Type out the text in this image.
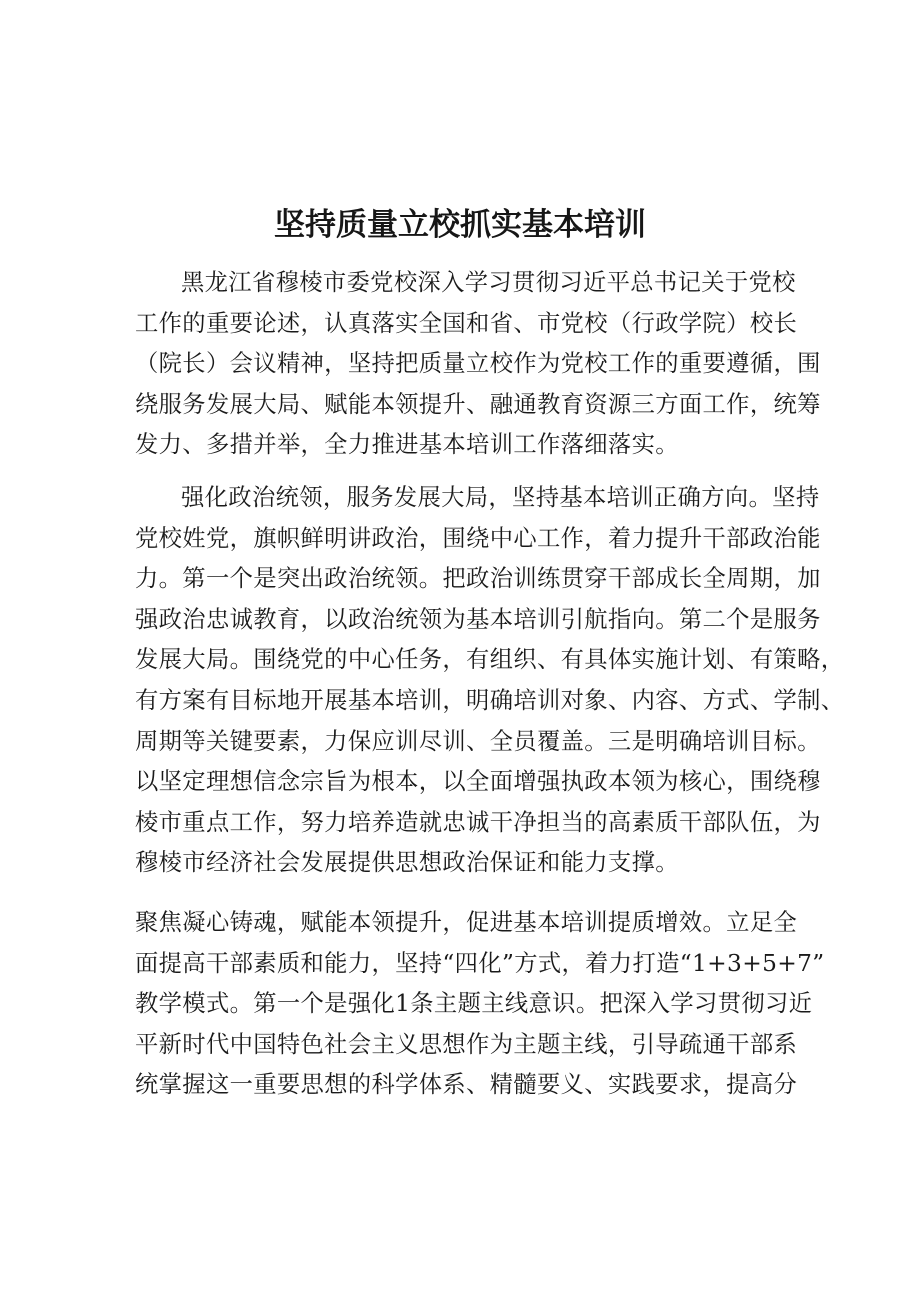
坚持质量立校抓实基本培训
黑龙江省穆棱市委党校深入学习贯彻习近平总书记关于党校
工作的重要论述，认真落实全国和省、市党校（行政学院）校长
（院长）会议精神，坚持把质量立校作为党校工作的重要遵循，围
绕服务发展大局、赋能本领提升、融通教育资源三方面工作，统筹
发力、多措并举，全力推进基本培训工作落细落实。
强化政治统领，服务发展大局，坚持基本培训正确方向。坚持
党校姓党，旗帜鲜明讲政治，围绕中心工作，着力提升干部政治能
力。第一个是突出政治统领。把政治训练贯穿干部成长全周期，加
强政治忠诚教育，以政治统领为基本培训引航指向。第二个是服务
发展大局。围绕党的中心任务，有组织、有具体实施计划、有策略，
有方案有目标地开展基本培训，明确培训对象、内容、方式、学制、
周期等关键要素，力保应训尽训、全员覆盖。三是明确培训目标。
以坚定理想信念宗旨为根本，以全面增强执政本领为核心，围绕穆
棱市重点工作，努力培养造就忠诚干净担当的高素质干部队伍，为
穆棱市经济社会发展提供思想政治保证和能力支撑。
聚焦凝心铸魂，赋能本领提升，促进基本培训提质增效。立足全
面提高干部素质和能力，坚持“四化”方式，着力打造“1+3+5+7”
教学模式。第一个是强化1条主题主线意识。把深入学习贯彻习近
平新时代中国特色社会主义思想作为主题主线，引导疏通干部系
统掌握这一重要思想的科学体系、精髓要义、实践要求，提高分
